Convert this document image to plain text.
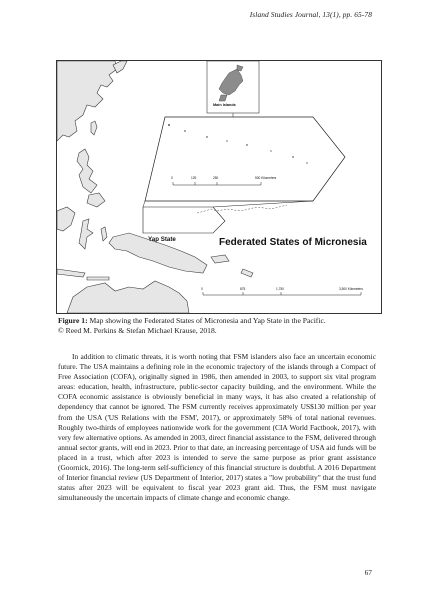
Island Studies Journal, 13(1), pp. 65-78
Main Islands
Yap State	Federated States of Micronesia
0	125	250	500 Kilometers
0	875	1,750	3,500 Kilometers
Figure 1: Map showing the Federated States of Micronesia and Yap State in the Pacific.
© Reed M. Perkins & Stefan Michael Krause, 2018.

In addition to climatic threats, it is worth noting that FSM islanders also face an uncertain economic future. The USA maintains a defining role in the economic trajectory of the islands through a Compact of Free Association (COFA), originally signed in 1986, then amended in 2003, to support six vital program areas: education, health, infrastructure, public-sector capacity building, and the environment. While the COFA economic assistance is obviously beneficial in many ways, it has also created a relationship of dependency that cannot be ignored. The FSM currently receives approximately US$130 million per year from the USA ('US Relations with the FSM', 2017), or approximately 58% of total national revenues. Roughly two-thirds of employees nationwide work for the government (CIA World Factbook, 2017), with very few alternative options. As amended in 2003, direct financial assistance to the FSM, delivered through annual sector grants, will end in 2023. Prior to that date, an increasing percentage of USA aid funds will be placed in a trust, which after 2023 is intended to serve the same purpose as prior grant assistance (Goornick, 2016). The long-term self-sufficiency of this financial structure is doubtful. A 2016 Department of Interior financial review (US Department of Interior, 2017) states a "low probability" that the trust fund status after 2023 will be equivalent to fiscal year 2023 grant aid. Thus, the FSM must navigate simultaneously the uncertain impacts of climate change and economic change.

67
